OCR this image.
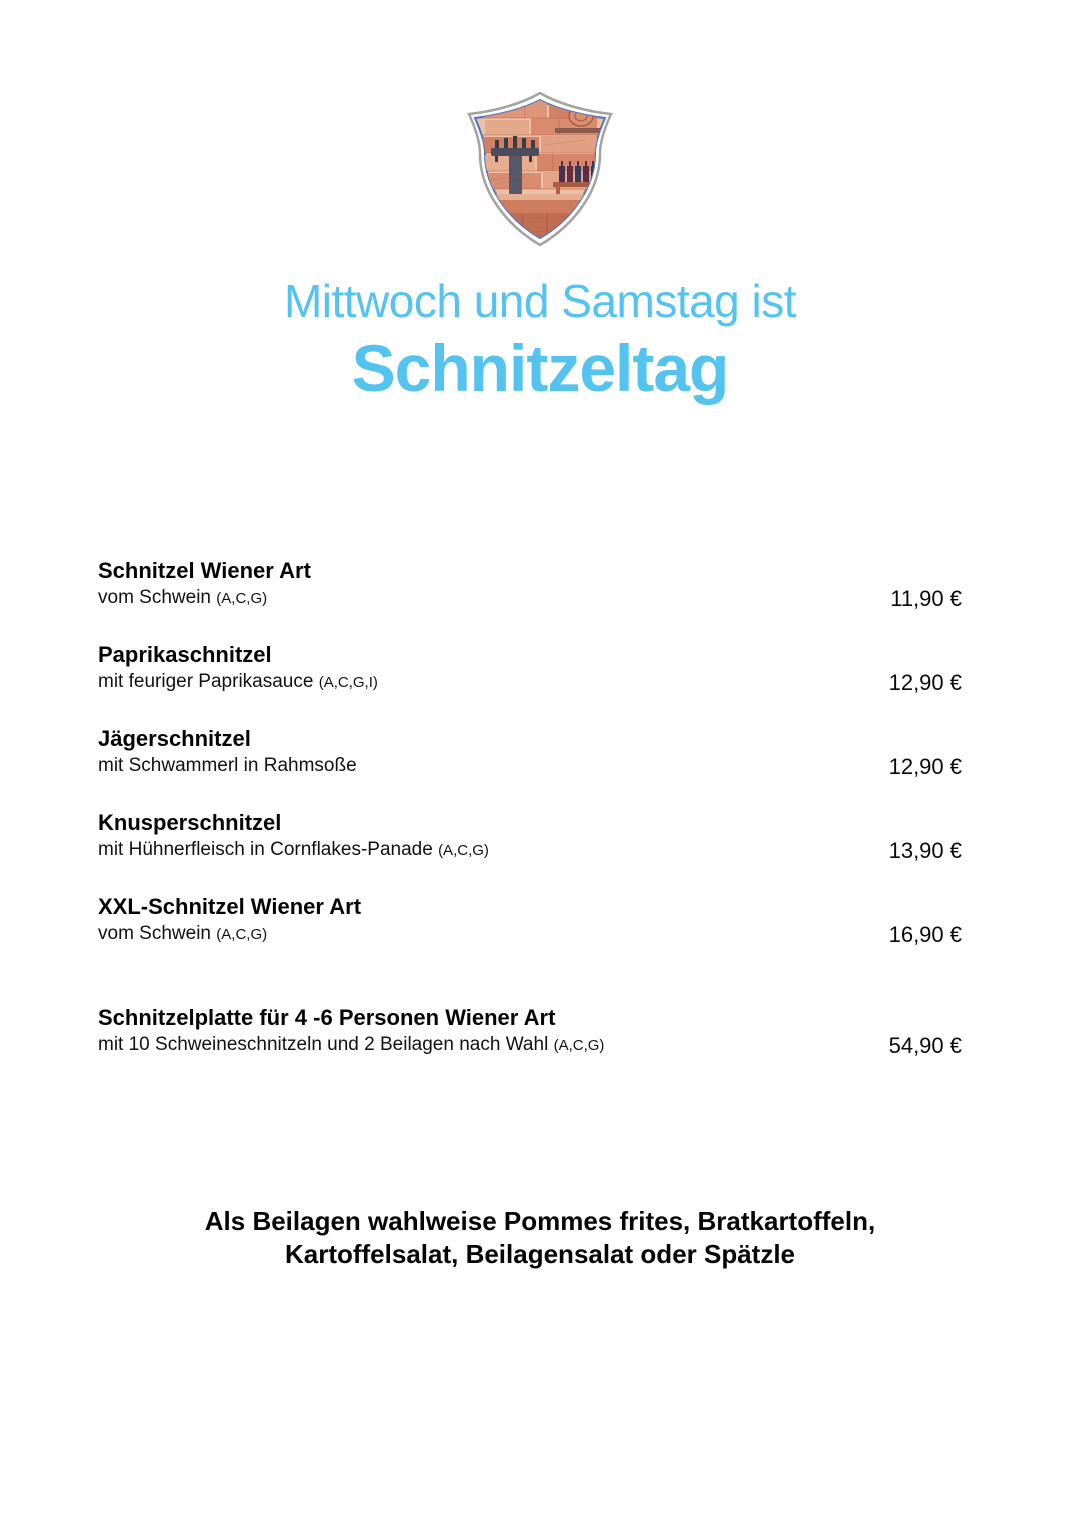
Mittwoch und Samstag ist
Schnitzeltag
Schnitzel Wiener Art
vom Schwein (A,C,G)	11,90 €
Paprikaschnitzel
mit feuriger Paprikasauce (A,C,G,I)	12,90 €
Jägerschnitzel
mit Schwammerl in Rahmsoße	12,90 €
Knusperschnitzel
mit Hühnerfleisch in Cornflakes-Panade (A,C,G)	13,90 €
XXL-Schnitzel Wiener Art
vom Schwein (A,C,G)	16,90 €
Schnitzelplatte für 4 -6 Personen Wiener Art
mit 10 Schweineschnitzeln und 2 Beilagen nach Wahl (A,C,G)	54,90 €
Als Beilagen wahlweise Pommes frites, Bratkartoffeln,
Kartoffelsalat, Beilagensalat oder Spätzle
